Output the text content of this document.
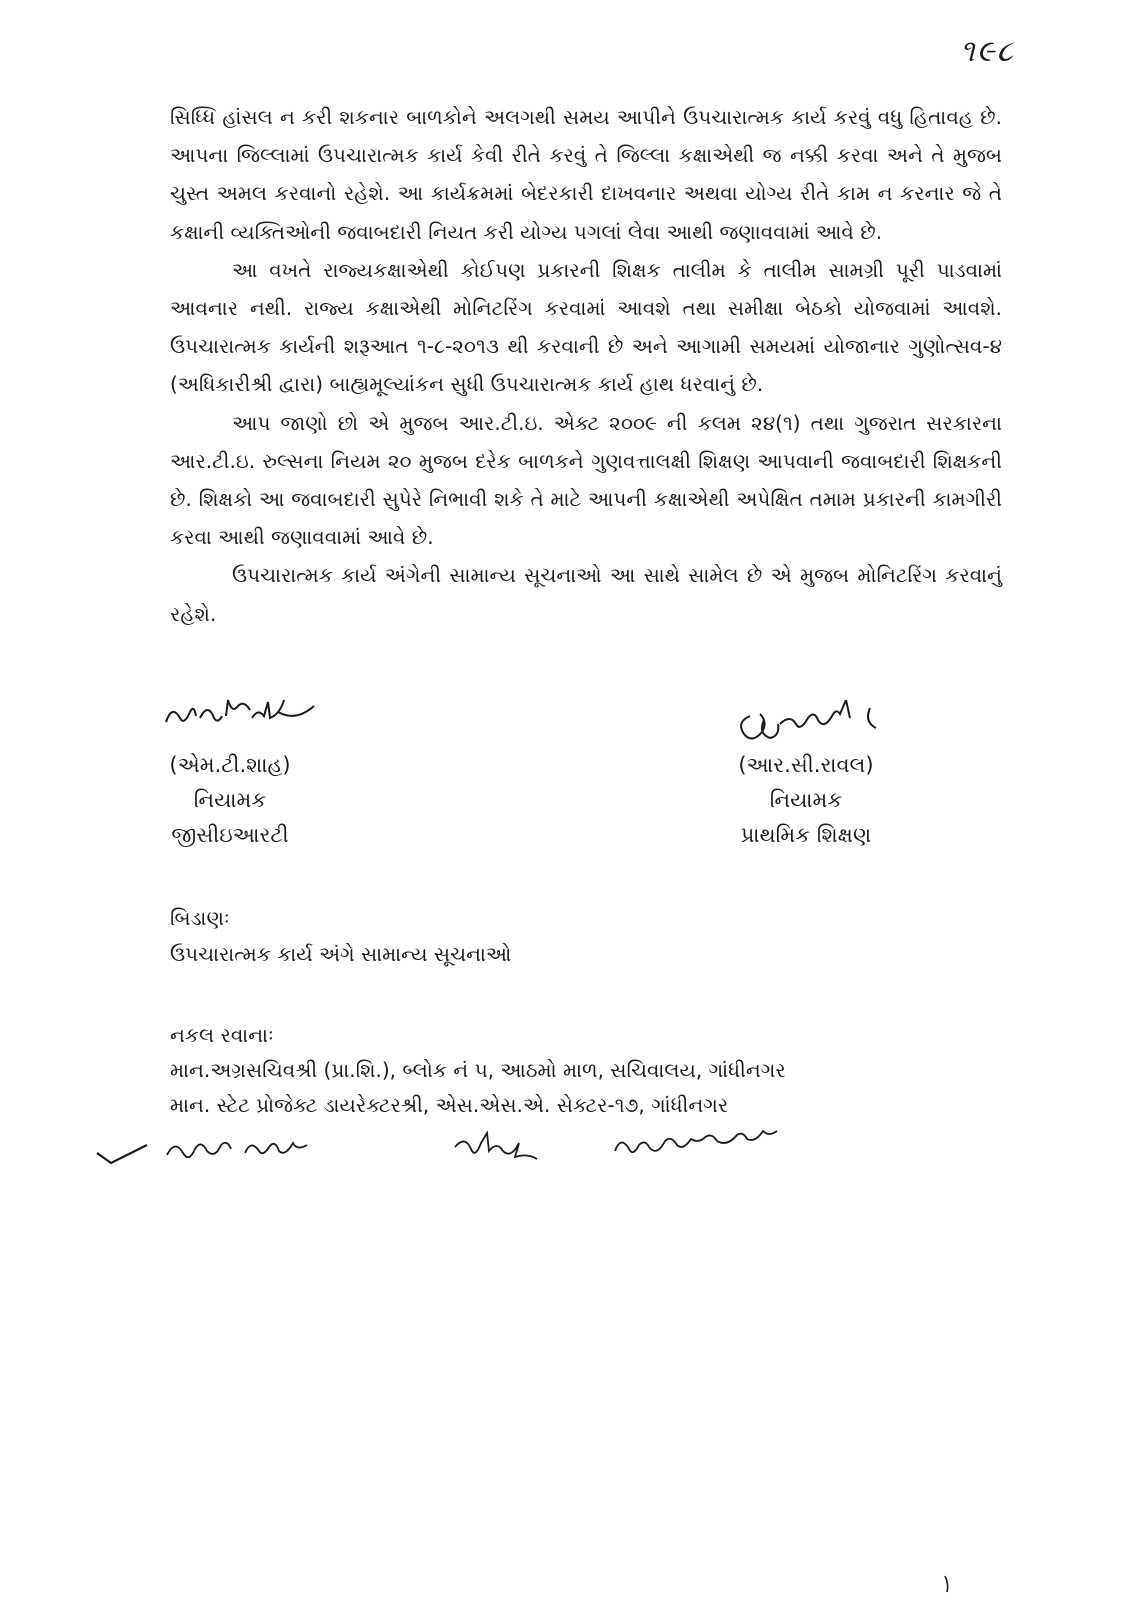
૧૯૮

સિધ્ધિ હાંસલ ન કરી શકનાર બાળકોને અલગથી સમય આપીને ઉપચારાત્મક કાર્ય કરવું વધુ હિતાવહ છે. આપના જિલ્લામાં ઉપચારાત્મક કાર્ય કેવી રીતે કરવું તે જિલ્લા કક્ષાએથી જ નક્કી કરવા અને તે મુજબ ચુસ્ત અમલ કરવાનો રહેશે. આ કાર્યક્રમમાં બેદરકારી દાખવનાર અથવા યોગ્ય રીતે કામ ન કરનાર જે તે કક્ષાની વ્યક્તિઓની જવાબદારી નિયત કરી યોગ્ય પગલાં લેવા આથી જણાવવામાં આવે છે.

આ વખતે રાજ્યકક્ષાએથી કોઈપણ પ્રકારની શિક્ષક તાલીમ કે તાલીમ સામગ્રી પૂરી પાડવામાં આવનાર નથી. રાજ્ય કક્ષાએથી મોનિટરિંગ કરવામાં આવશે તથા સમીક્ષા બેઠકો યોજવામાં આવશે. ઉપચારાત્મક કાર્યની શરૂઆત ૧-૮-૨૦૧૩ થી કરવાની છે અને આગામી સમયમાં યોજાનાર ગુણોત્સવ-૪ (અધિકારીશ્રી દ્વારા) બાહ્યમૂલ્યાંકન સુધી ઉપચારાત્મક કાર્ય હાથ ધરવાનું છે.

આપ જાણો છો એ મુજબ આર.ટી.ઇ. એક્ટ ૨૦૦૯ ની કલમ ૨૪(૧) તથા ગુજરાત સરકારના આર.ટી.ઇ. રુલ્સના નિયમ ૨૦ મુજબ દરેક બાળકને ગુણવત્તાલક્ષી શિક્ષણ આપવાની જવાબદારી શિક્ષકની છે. શિક્ષકો આ જવાબદારી સુપેરે નિભાવી શકે તે માટે આપની કક્ષાએથી અપેક્ષિત તમામ પ્રકારની કામગીરી કરવા આથી જણાવવામાં આવે છે.

ઉપચારાત્મક કાર્ય અંગેની સામાન્ય સૂચનાઓ આ સાથે સામેલ છે એ મુજબ મોનિટરિંગ કરવાનું રહેશે.

(એમ.ટી.શાહ)
નિયામક
જીસીઇઆરટી
(આર.સી.રાવલ)
નિયામક
પ્રાથમિક શિક્ષણ
બિડાણઃ
ઉપચારાત્મક કાર્ય અંગે સામાન્ય સૂચનાઓ
નકલ રવાનાઃ
માન.અગ્રસચિવશ્રી (પ્રા.શિ.), બ્લોક નં ૫, આઠમો માળ, સચિવાલય, ગાંધીનગર
માન. સ્ટેટ પ્રોજેક્ટ ડાયરેક્ટરશ્રી, એસ.એસ.એ. સેક્ટર-૧૭, ગાંધીનગર
